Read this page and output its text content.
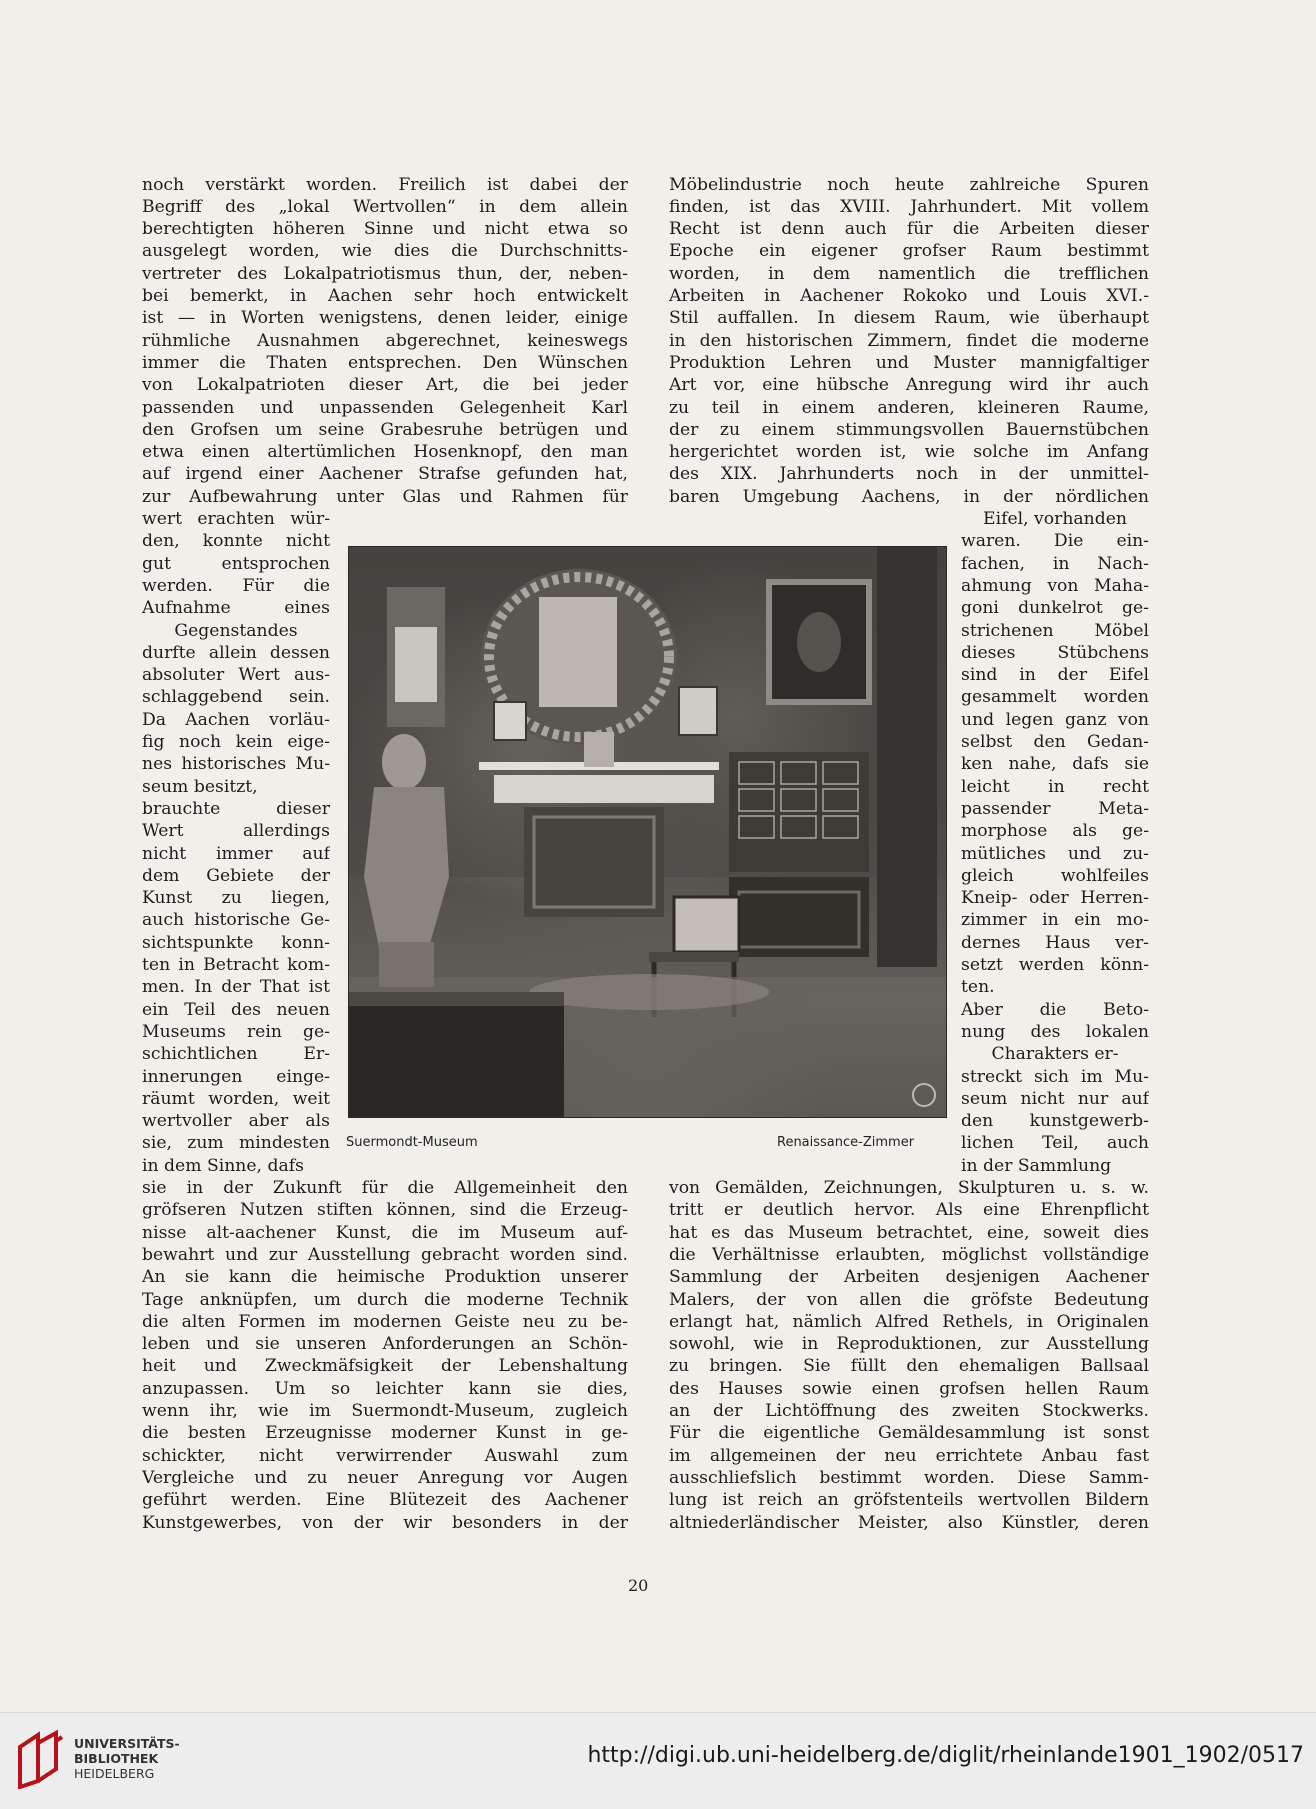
noch verstärkt worden. Freilich ist dabei der
Begriff des „lokal Wertvollen“ in dem allein
berechtigten höheren Sinne und nicht etwa so
ausgelegt worden, wie dies die Durchschnitts-
vertreter des Lokalpatriotismus thun, der, neben-
bei bemerkt, in Aachen sehr hoch entwickelt
ist — in Worten wenigstens, denen leider, einige
rühmliche Ausnahmen abgerechnet, keineswegs
immer die Thaten entsprechen. Den Wünschen
von Lokalpatrioten dieser Art, die bei jeder
passenden und unpassenden Gelegenheit Karl
den Grofsen um seine Grabesruhe betrügen und
etwa einen altertümlichen Hosenknopf, den man
auf irgend einer Aachener Strafse gefunden hat,
zur Aufbewahrung unter Glas und Rahmen für
wert erachten wür-
den, konnte nicht
gut entsprochen
werden. Für die
Aufnahme eines
Gegenstandes
durfte allein dessen
absoluter Wert aus-
schlaggebend sein.
Da Aachen vorläu-
fig noch kein eige-
nes historisches Mu-
seum besitzt,
brauchte dieser
Wert allerdings
nicht immer auf
dem Gebiete der
Kunst zu liegen,
auch historische Ge-
sichtspunkte konn-
ten in Betracht kom-
men. In der That ist
ein Teil des neuen
Museums rein ge-
schichtlichen Er-
innerungen einge-
räumt worden, weit
wertvoller aber als
sie, zum mindesten
in dem Sinne, dafs
sie in der Zukunft für die Allgemeinheit den
gröfseren Nutzen stiften können, sind die Erzeug-
nisse alt-aachener Kunst, die im Museum auf-
bewahrt und zur Ausstellung gebracht worden sind.
An sie kann die heimische Produktion unserer
Tage anknüpfen, um durch die moderne Technik
die alten Formen im modernen Geiste neu zu be-
leben und sie unseren Anforderungen an Schön-
heit und Zweckmäfsigkeit der Lebenshaltung
anzupassen. Um so leichter kann sie dies,
wenn ihr, wie im Suermondt-Museum, zugleich
die besten Erzeugnisse moderner Kunst in ge-
schickter, nicht verwirrender Auswahl zum
Vergleiche und zu neuer Anregung vor Augen
geführt werden. Eine Blütezeit des Aachener
Kunstgewerbes, von der wir besonders in der
Möbelindustrie noch heute zahlreiche Spuren
finden, ist das XVIII. Jahrhundert. Mit vollem
Recht ist denn auch für die Arbeiten dieser
Epoche ein eigener grofser Raum bestimmt
worden, in dem namentlich die trefflichen
Arbeiten in Aachener Rokoko und Louis XVI.-
Stil auffallen. In diesem Raum, wie überhaupt
in den historischen Zimmern, findet die moderne
Produktion Lehren und Muster mannigfaltiger
Art vor, eine hübsche Anregung wird ihr auch
zu teil in einem anderen, kleineren Raume,
der zu einem stimmungsvollen Bauernstübchen
hergerichtet worden ist, wie solche im Anfang
des XIX. Jahrhunderts noch in der unmittel-
baren Umgebung Aachens, in der nördlichen
Eifel, vorhanden
waren. Die ein-
fachen, in Nach-
ahmung von Maha-
goni dunkelrot ge-
strichenen Möbel
dieses Stübchens
sind in der Eifel
gesammelt worden
und legen ganz von
selbst den Gedan-
ken nahe, dafs sie
leicht in recht
passender Meta-
morphose als ge-
mütliches und zu-
gleich wohlfeiles
Kneip- oder Herren-
zimmer in ein mo-
dernes Haus ver-
setzt werden könn-
ten.
Aber die Beto-
nung des lokalen
Charakters er-
streckt sich im Mu-
seum nicht nur auf
den kunstgewerb-
lichen Teil, auch
in der Sammlung
von Gemälden, Zeichnungen, Skulpturen u. s. w.
tritt er deutlich hervor. Als eine Ehrenpflicht
hat es das Museum betrachtet, eine, soweit dies
die Verhältnisse erlaubten, möglichst vollständige
Sammlung der Arbeiten desjenigen Aachener
Malers, der von allen die gröfste Bedeutung
erlangt hat, nämlich Alfred Rethels, in Originalen
sowohl, wie in Reproduktionen, zur Ausstellung
zu bringen. Sie füllt den ehemaligen Ballsaal
des Hauses sowie einen grofsen hellen Raum
an der Lichtöffnung des zweiten Stockwerks.
Für die eigentliche Gemäldesammlung ist sonst
im allgemeinen der neu errichtete Anbau fast
ausschliefslich bestimmt worden. Diese Samm-
lung ist reich an gröfstenteils wertvollen Bildern
altniederländischer Meister, also Künstler, deren
Suermondt-Museum	Renaissance-Zimmer
20
UNIVERSITÄTS-
BIBLIOTHEK
HEIDELBERG
http://digi.ub.uni-heidelberg.de/diglit/rheinlande1901_1902/0517
